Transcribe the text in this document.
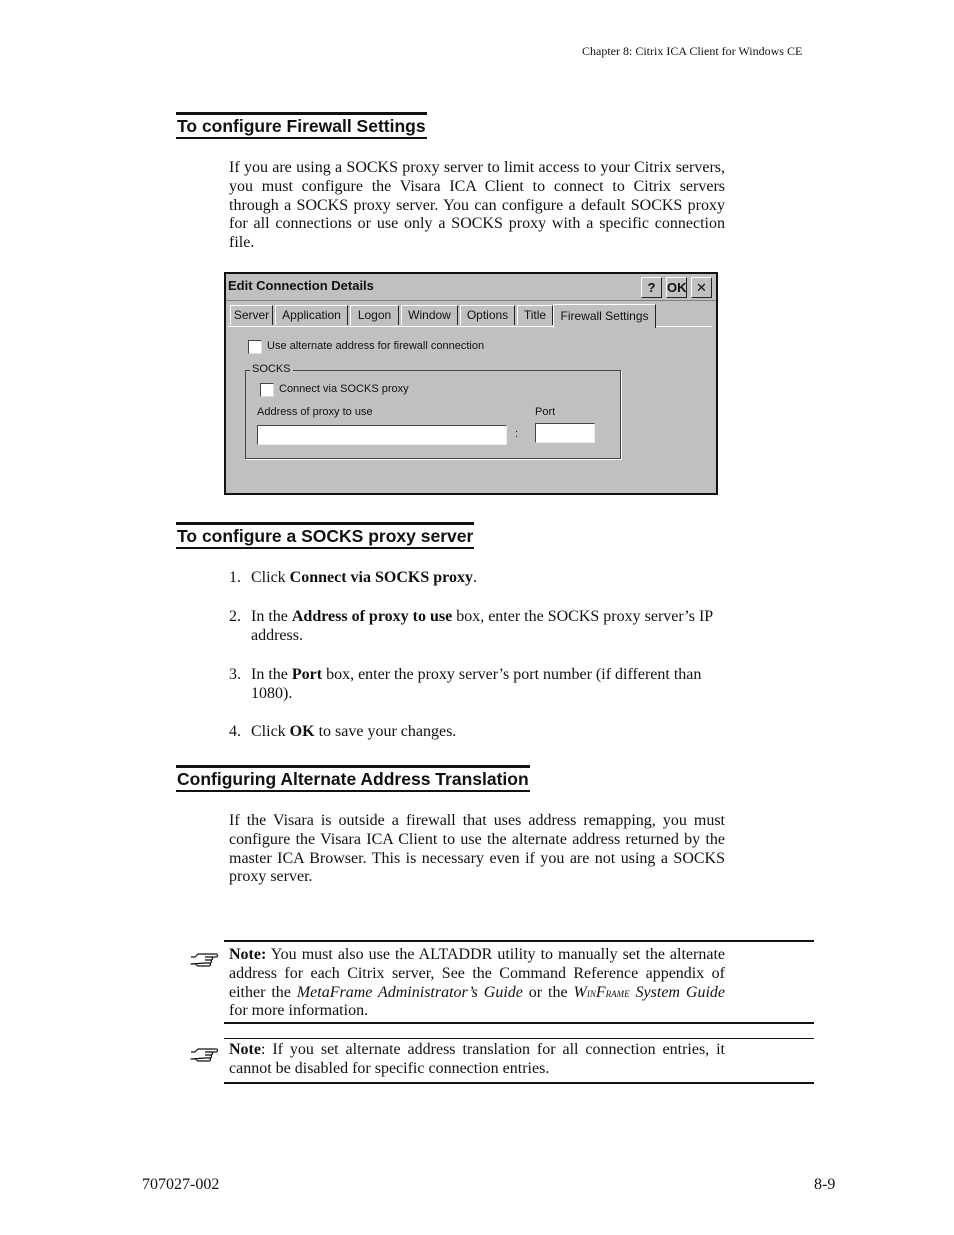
Chapter 8: Citrix ICA Client for Windows CE
To configure Firewall Settings
If you are using a SOCKS proxy server to limit access to your Citrix servers, you must configure the Visara ICA Client to connect to Citrix servers through a SOCKS proxy server. You can configure a default SOCKS proxy for all connections or use only a SOCKS proxy with a specific connection file.
Edit Connection Details	? OK ✕
Server	Application	Logon	Window	Options	Title	Firewall Settings
Use alternate address for firewall connection
SOCKS
Connect via SOCKS proxy
Address of proxy to use	Port
:
To configure a SOCKS proxy server
1. Click Connect via SOCKS proxy.
2. In the Address of proxy to use box, enter the SOCKS proxy server’s IP address.
3. In the Port box, enter the proxy server’s port number (if different than 1080).
4. Click OK to save your changes.
Configuring Alternate Address Translation
If the Visara is outside a firewall that uses address remapping, you must configure the Visara ICA Client to use the alternate address returned by the master ICA Browser. This is necessary even if you are not using a SOCKS proxy server.
Note: You must also use the ALTADDR utility to manually set the alternate address for each Citrix server, See the Command Reference appendix of either the MetaFrame Administrator’s Guide or the WinFrame System Guide for more information.
Note: If you set alternate address translation for all connection entries, it cannot be disabled for specific connection entries.
707027-002	8-9
